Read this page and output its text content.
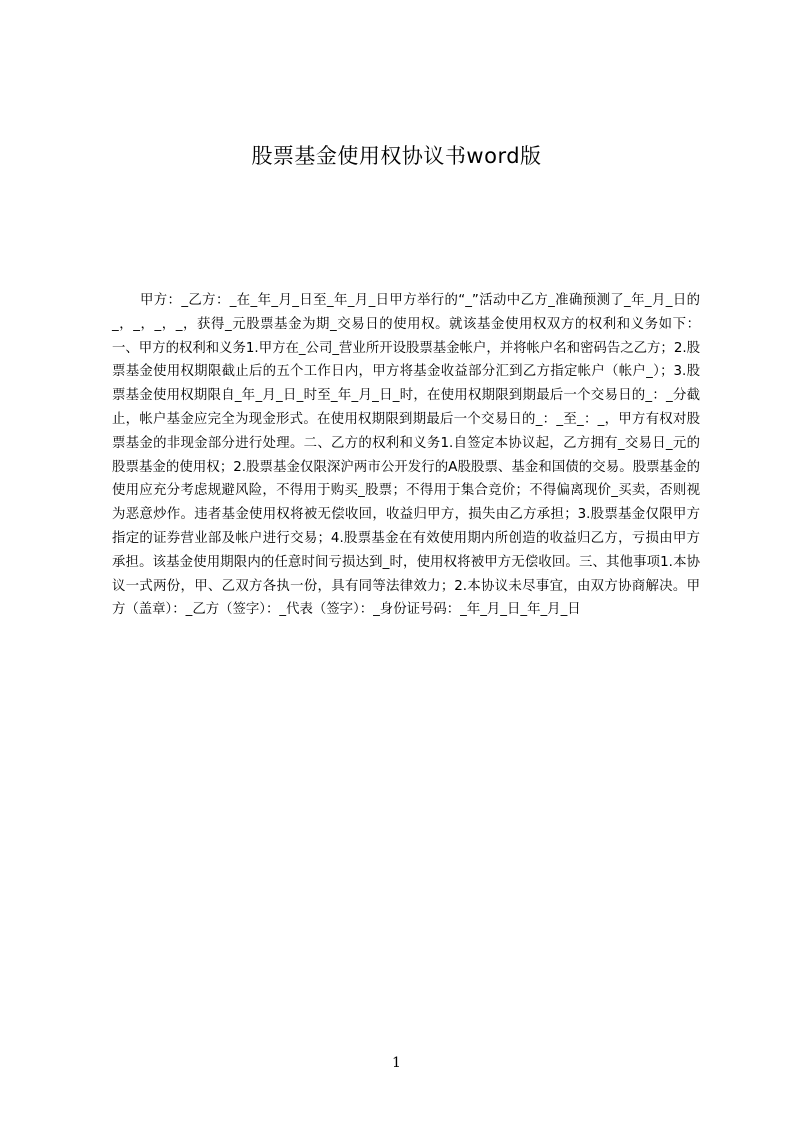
股票基金使用权协议书word版

甲方：_乙方：_在_年_月_日至_年_月_日甲方举行的“_”活动中乙方_准确预测了_年_月_日的_，_，_，_，获得_元股票基金为期_交易日的使用权。就该基金使用权双方的权利和义务如下：一、甲方的权利和义务1.甲方在_公司_营业所开设股票基金帐户，并将帐户名和密码告之乙方；2.股票基金使用权期限截止后的五个工作日内，甲方将基金收益部分汇到乙方指定帐户（帐户_）；3.股票基金使用权期限自_年_月_日_时至_年_月_日_时，在使用权期限到期最后一个交易日的_：_分截止，帐户基金应完全为现金形式。在使用权期限到期最后一个交易日的_：_至_：_，甲方有权对股票基金的非现金部分进行处理。二、乙方的权利和义务1.自签定本协议起，乙方拥有_交易日_元的股票基金的使用权；2.股票基金仅限深沪两市公开发行的A股股票、基金和国债的交易。股票基金的使用应充分考虑规避风险，不得用于购买_股票；不得用于集合竞价；不得偏离现价_买卖，否则视为恶意炒作。违者基金使用权将被无偿收回，收益归甲方，损失由乙方承担；3.股票基金仅限甲方指定的证券营业部及帐户进行交易；4.股票基金在有效使用期内所创造的收益归乙方，亏损由甲方承担。该基金使用期限内的任意时间亏损达到_时，使用权将被甲方无偿收回。三、其他事项1.本协议一式两份，甲、乙双方各执一份，具有同等法律效力；2.本协议未尽事宜，由双方协商解决。甲方（盖章）：_乙方（签字）：_代表（签字）：_身份证号码：_年_月_日_年_月_日

1
